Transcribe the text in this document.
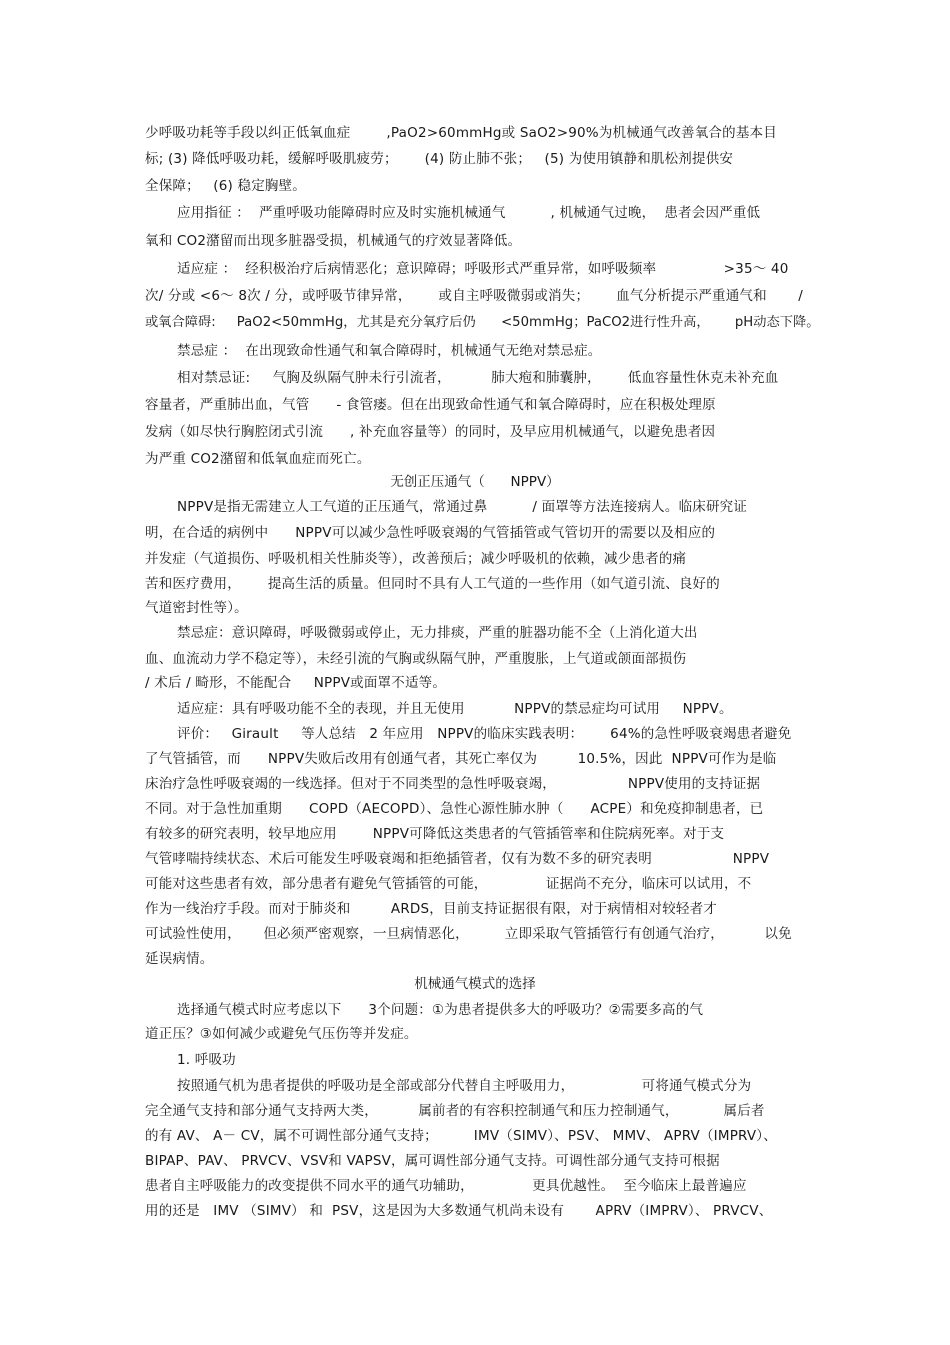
少呼吸功耗等手段以纠正低氧血症        ,PaO2>60mmHg或 SaO2>90%为机械通气改善氧合的基本目
标; (3) 降低呼吸功耗，缓解呼吸肌疲劳；      (4) 防止肺不张；   (5) 为使用镇静和肌松剂提供安
全保障；   (6) 稳定胸壁。
应用指征 ：  严重呼吸功能障碍时应及时实施机械通气          , 机械通气过晚，  患者会因严重低
氧和 CO2潴留而出现多脏器受损，机械通气的疗效显著降低。
适应症 ：  经积极治疗后病情恶化；意识障碍；呼吸形式严重异常，如呼吸频率               >35～ 40
次/ 分或 <6～ 8次 / 分，或呼吸节律异常，      或自主呼吸微弱或消失；      血气分析提示严重通气和       /
或氧合障碍:     PaO2<50mmHg，尤其是充分氧疗后仍      <50mmHg；PaCO2进行性升高，      pH动态下降。
禁忌症 ：  在出现致命性通气和氧合障碍时，机械通气无绝对禁忌症。
相对禁忌证:     气胸及纵隔气肿未行引流者，         肺大疱和肺囊肿，      低血容量性休克未补充血
容量者，严重肺出血，气管      - 食管瘘。但在出现致命性通气和氧合障碍时，应在积极处理原
发病（如尽快行胸腔闭式引流      , 补充血容量等）的同时，及早应用机械通气，以避免患者因
为严重 CO2潴留和低氧血症而死亡。
无创正压通气（      NPPV）
NPPV是指无需建立人工气道的正压通气，常通过鼻          / 面罩等方法连接病人。临床研究证
明，在合适的病例中      NPPV可以减少急性呼吸衰竭的气管插管或气管切开的需要以及相应的
并发症（气道损伤、呼吸机相关性肺炎等），改善预后；减少呼吸机的依赖，减少患者的痛
苦和医疗费用，      提高生活的质量。但同时不具有人工气道的一些作用（如气道引流、良好的
气道密封性等）。
禁忌症：意识障碍，呼吸微弱或停止，无力排痰，严重的脏器功能不全（上消化道大出
血、血流动力学不稳定等），未经引流的气胸或纵隔气肿，严重腹胀，上气道或颌面部损伤
/ 术后 / 畸形，不能配合     NPPV或面罩不适等。
适应症：具有呼吸功能不全的表现，并且无使用           NPPV的禁忌症均可试用     NPPV。
评价：   Girault     等人总结   2 年应用   NPPV的临床实践表明：      64%的急性呼吸衰竭患者避免
了气管插管，而      NPPV失败后改用有创通气者，其死亡率仅为         10.5%，因此  NPPV可作为是临
床治疗急性呼吸衰竭的一线选择。但对于不同类型的急性呼吸衰竭，                NPPV使用的支持证据
不同。对于急性加重期      COPD（AECOPD）、急性心源性肺水肿（      ACPE）和免疫抑制患者，已
有较多的研究表明，较早地应用        NPPV可降低这类患者的气管插管率和住院病死率。对于支
气管哮喘持续状态、术后可能发生呼吸衰竭和拒绝插管者，仅有为数不多的研究表明                  NPPV
可能对这些患者有效，部分患者有避免气管插管的可能，             证据尚不充分，临床可以试用，不
作为一线治疗手段。而对于肺炎和         ARDS，目前支持证据很有限，对于病情相对较轻者才
可试验性使用，     但必须严密观察，一旦病情恶化，        立即采取气管插管行有创通气治疗，         以免
延误病情。
机械通气模式的选择
选择通气模式时应考虑以下      3个问题：①为患者提供多大的呼吸功？②需要多高的气
道正压？③如何减少或避免气压伤等并发症。
1. 呼吸功
按照通气机为患者提供的呼吸功是全部或部分代替自主呼吸用力，               可将通气模式分为
完全通气支持和部分通气支持两大类，         属前者的有容积控制通气和压力控制通气，          属后者
的有 AV、 A－ CV，属不可调性部分通气支持；        IMV（SIMV）、PSV、 MMV、 APRV（IMPRV）、
BIPAP、PAV、 PRVCV、VSV和 VAPSV，属可调性部分通气支持。可调性部分通气支持可根据
患者自主呼吸能力的改变提供不同水平的通气功辅助，             更具优越性。  至今临床上最普遍应
用的还是   IMV （SIMV） 和  PSV，这是因为大多数通气机尚未设有       APRV（IMPRV）、 PRVCV、
